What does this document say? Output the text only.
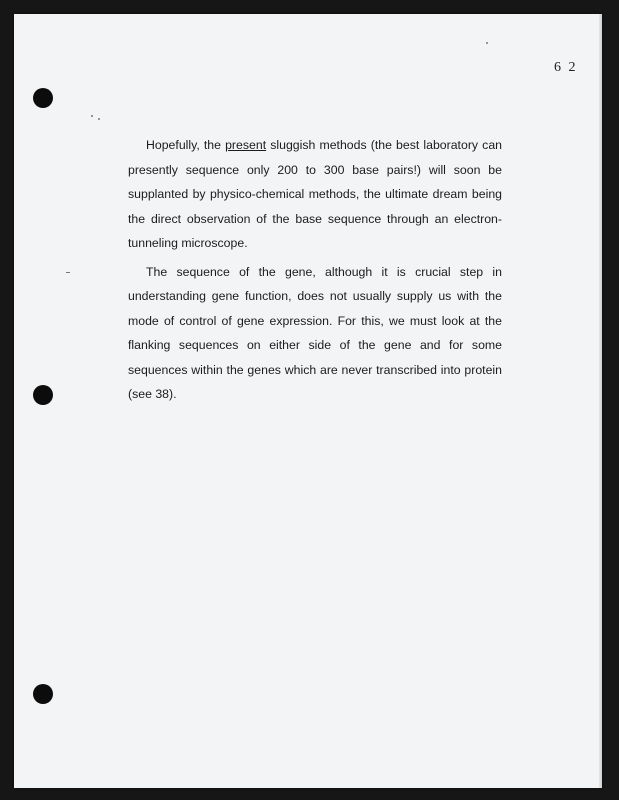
6 2

Hopefully, the present sluggish methods (the best laboratory can presently sequence only 200 to 300 base pairs!) will soon be supplanted by physico-chemical methods, the ultimate dream being the direct observation of the base sequence through an electron-tunneling microscope.

The sequence of the gene, although it is crucial step in understanding gene function, does not usually supply us with the mode of control of gene expression. For this, we must look at the flanking sequences on either side of the gene and for some sequences within the genes which are never transcribed into protein (see 38).
